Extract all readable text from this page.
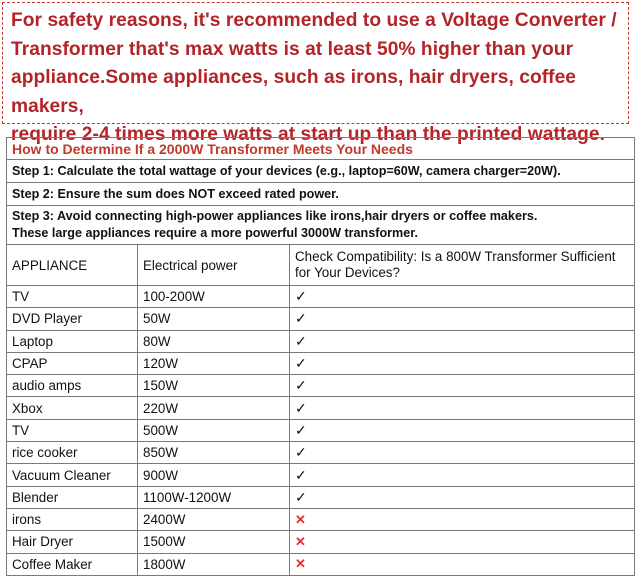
For safety reasons, it's recommended to use a Voltage Converter /
Transformer that's max watts is at least 50% higher than your
appliance.Some appliances, such as irons, hair dryers, coffee makers,
require 2-4 times more watts at start up than the printed wattage.
How to Determine If a 2000W Transformer Meets Your Needs		
Step 1: Calculate the total wattage of your devices (e.g., laptop=60W, camera charger=20W).		
Step 2: Ensure the sum does NOT exceed rated power.		
Step 3: Avoid connecting high-power appliances like irons,hair dryers or coffee makers.
These large appliances require a more powerful 3000W transformer.		
APPLIANCE	Electrical power	Check Compatibility: Is a 800W Transformer Sufficient for Your Devices?
TV	100-200W	✓
DVD Player	50W	✓
Laptop	80W	✓
CPAP	120W	✓
audio amps	150W	✓
Xbox	220W	✓
TV	500W	✓
rice cooker	850W	✓
Vacuum Cleaner	900W	✓
Blender	1100W-1200W	✓
irons	2400W	✕
Hair Dryer	1500W	✕
Coffee Maker	1800W	✕
